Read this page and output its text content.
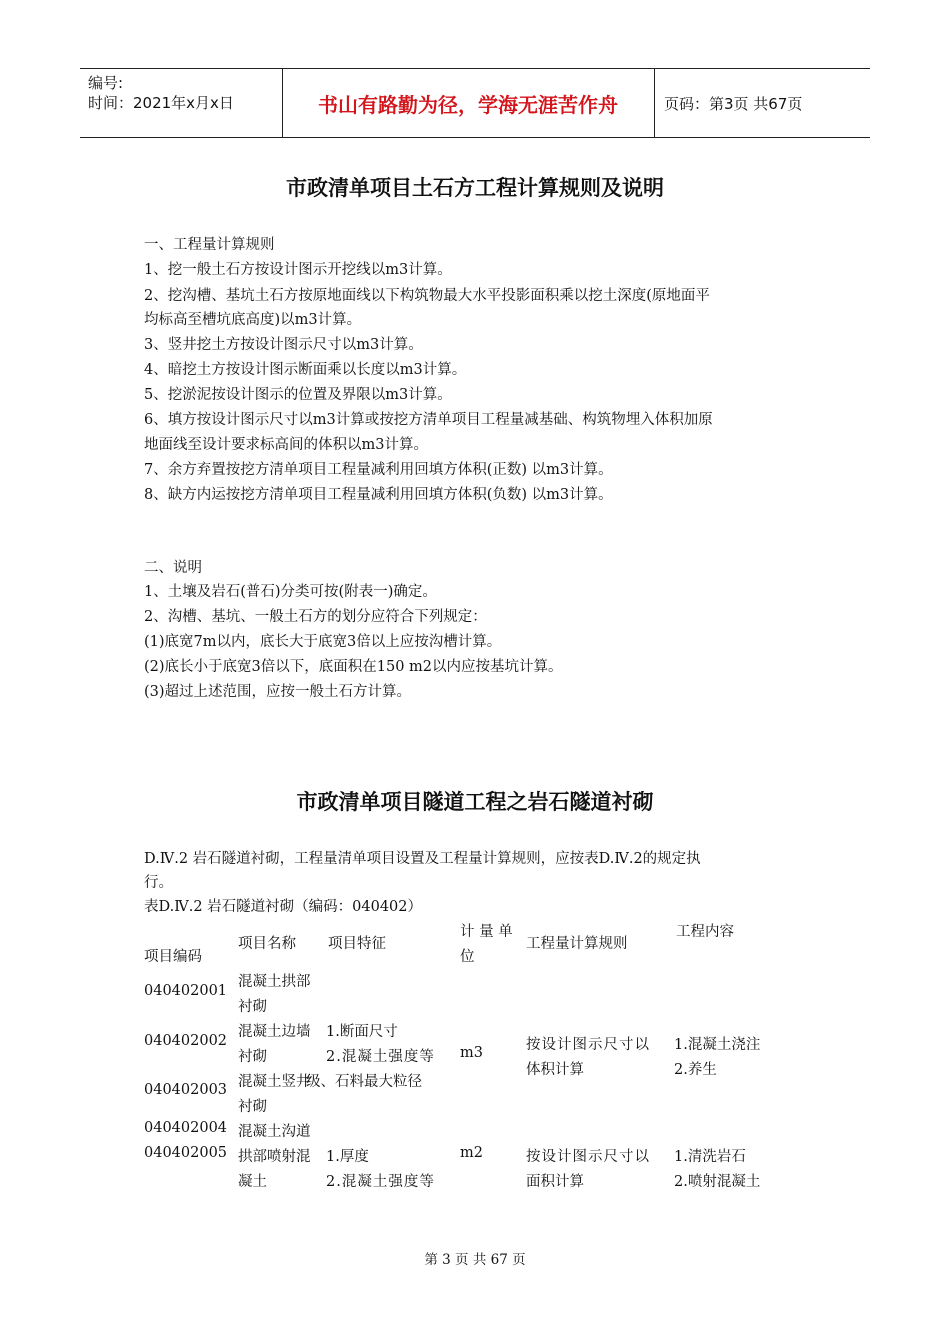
编号:
时间：2021年x月x日	书山有路勤为径，学海无涯苦作舟	页码：第3页 共67页
市政清单项目土石方工程计算规则及说明
一、工程量计算规则
1、挖一般土石方按设计图示开挖线以m3计算。
2、挖沟槽、基坑土石方按原地面线以下构筑物最大水平投影面积乘以挖土深度(原地面平
均标高至槽坑底高度)以m3计算。
3、竖井挖土方按设计图示尺寸以m3计算。
4、暗挖土方按设计图示断面乘以长度以m3计算。
5、挖淤泥按设计图示的位置及界限以m3计算。
6、填方按设计图示尺寸以m3计算或按挖方清单项目工程量减基础、构筑物埋入体积加原
地面线至设计要求标高间的体积以m3计算。
7、余方弃置按挖方清单项目工程量减利用回填方体积(正数) 以m3计算。
8、缺方内运按挖方清单项目工程量减利用回填方体积(负数) 以m3计算。
二、说明
1、土壤及岩石(普石)分类可按(附表一)确定。
2、沟槽、基坑、一般土石方的划分应符合下列规定：
(1)底宽7m以内，底长大于底宽3倍以上应按沟槽计算。
(2)底长小于底宽3倍以下，底面积在150 m2以内应按基坑计算。
(3)超过上述范围，应按一般土石方计算。
市政清单项目隧道工程之岩石隧道衬砌
D.Ⅳ.2 岩石隧道衬砌，工程量清单项目设置及工程量计算规则，应按表D.Ⅳ.2的规定执
行。
表D.Ⅳ.2 岩石隧道衬砌（编码：040402）
项目编码
项目名称 项目特征
计 量 单
位
工程量计算规则
工程内容
040402001
040402002
040402003
040402004
040402005
混凝土拱部
衬砌
混凝土边墙
衬砌
混凝土竖井
衬砌
混凝土沟道
拱部喷射混
凝土
1.断面尺寸
2.混凝土强度等
级、石料最大粒径
1.厚度
2.混凝土强度等
m3
m2
按设计图示尺寸以
体积计算
按设计图示尺寸以
面积计算
1.混凝土浇注
2.养生
1.清洗岩石
2.喷射混凝土
第 3 页 共 67 页
